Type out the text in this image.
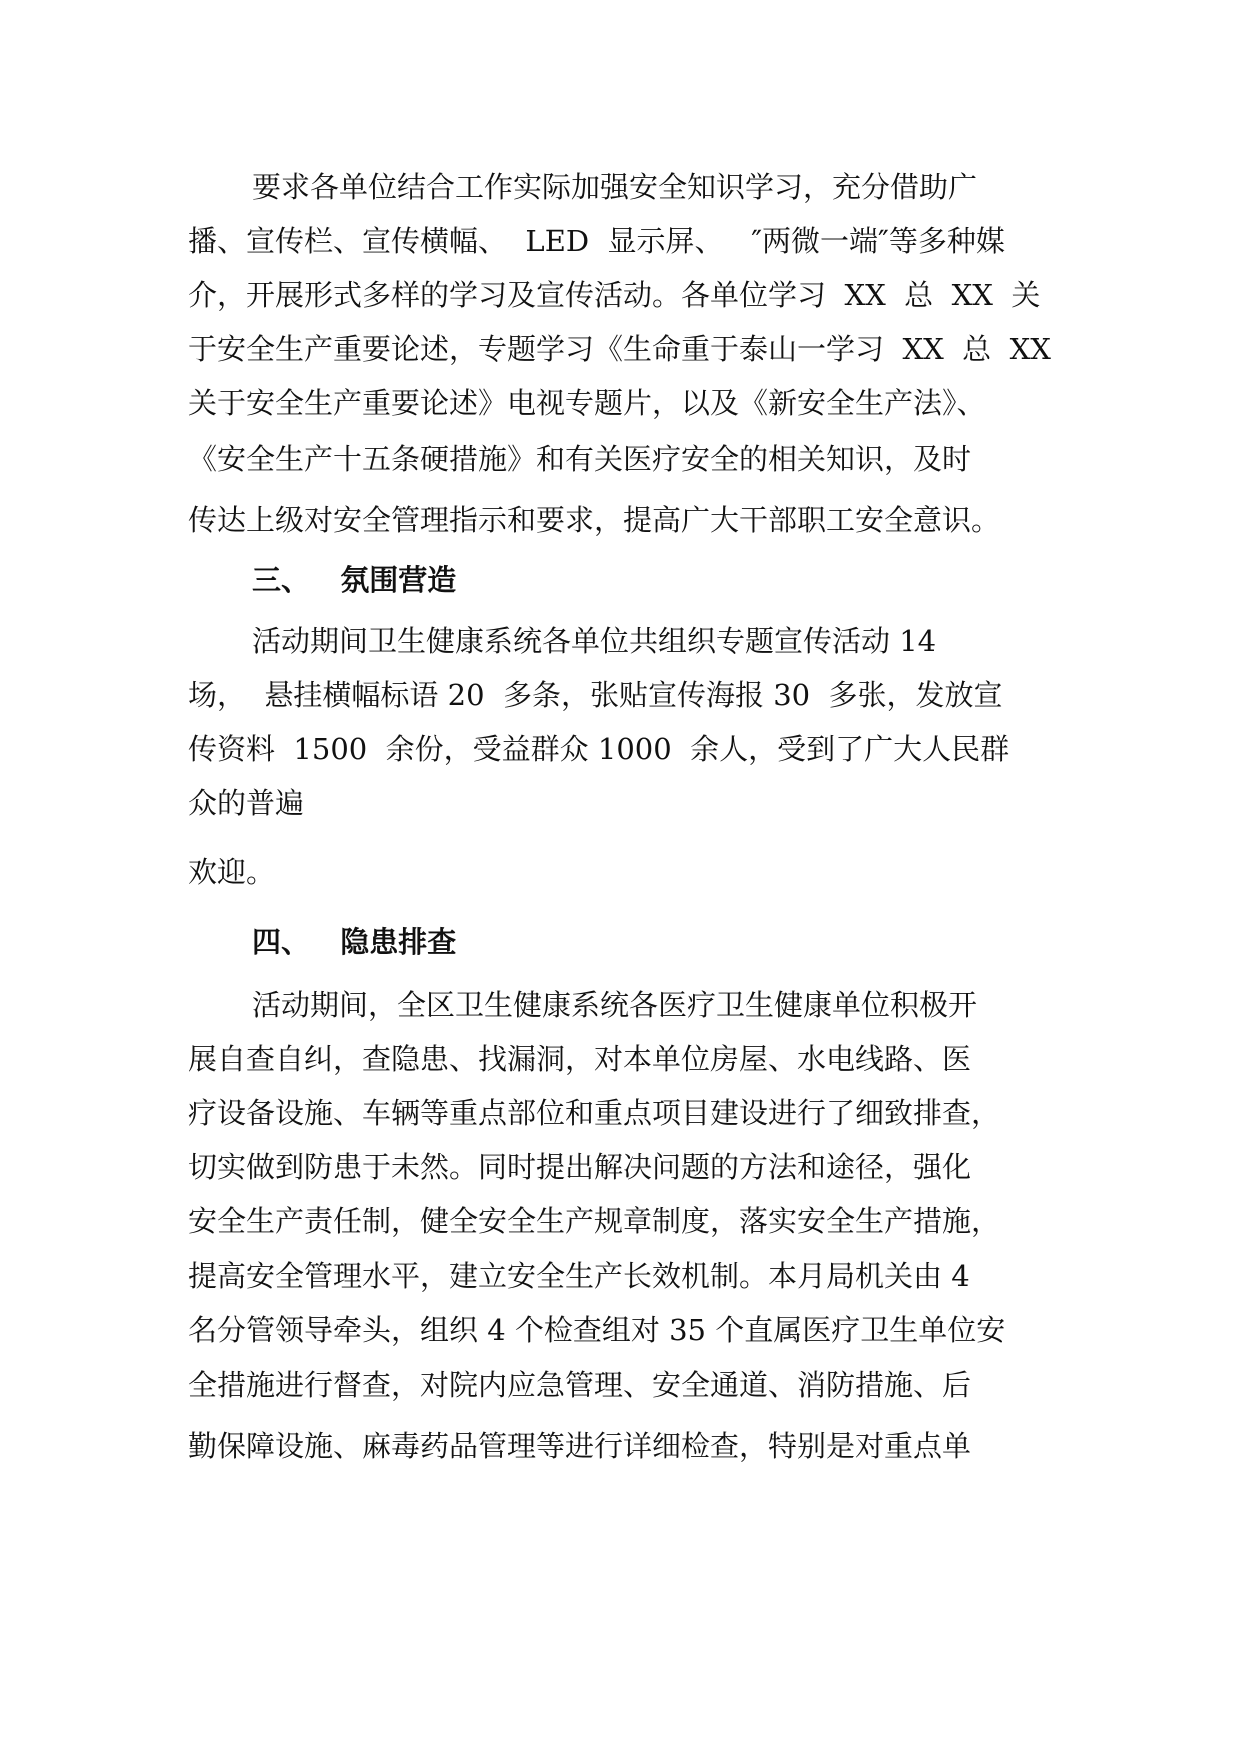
要求各单位结合工作实际加强安全知识学习，充分借助广

播、宣传栏、宣传横幅、  LED  显示屏、   ″两微一端″等多种媒

介，开展形式多样的学习及宣传活动。各单位学习  XX  总  XX  关

于安全生产重要论述，专题学习《生命重于泰山一学习  XX  总  XX

关于安全生产重要论述》电视专题片，以及《新安全生产法》、

《安全生产十五条硬措施》和有关医疗安全的相关知识，及时

传达上级对安全管理指示和要求，提高广大干部职工安全意识。

三、   氛围营造

活动期间卫生健康系统各单位共组织专题宣传活动 14

场，  悬挂横幅标语 20  多条，张贴宣传海报 30  多张，发放宣

传资料  1500  余份，受益群众 1000  余人，受到了广大人民群

众的普遍

欢迎。

四、   隐患排查

活动期间，全区卫生健康系统各医疗卫生健康单位积极开

展自查自纠，查隐患、找漏洞，对本单位房屋、水电线路、医

疗设备设施、车辆等重点部位和重点项目建设进行了细致排查，

切实做到防患于未然。同时提出解决问题的方法和途径，强化

安全生产责任制，健全安全生产规章制度，落实安全生产措施，

提高安全管理水平，建立安全生产长效机制。本月局机关由 4

名分管领导牵头，组织 4 个检查组对 35 个直属医疗卫生单位安

全措施进行督查，对院内应急管理、安全通道、消防措施、后

勤保障设施、麻毒药品管理等进行详细检查，特别是对重点单
